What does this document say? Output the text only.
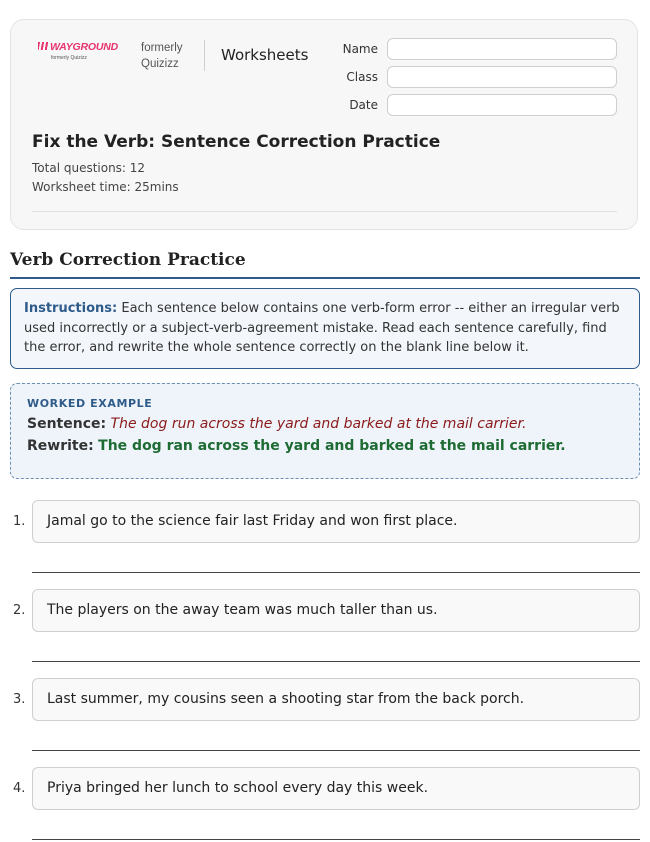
WAYGROUND
formerly Quizizz
formerly
Quizizz	Worksheets	Name
Class
Date
Fix the Verb: Sentence Correction Practice
Total questions: 12
Worksheet time: 25mins
Verb Correction Practice
Instructions: Each sentence below contains one verb-form error -- either an irregular verb used incorrectly or a subject-verb-agreement mistake. Read each sentence carefully, find the error, and rewrite the whole sentence correctly on the blank line below it.
WORKED EXAMPLE
Sentence: The dog run across the yard and barked at the mail carrier.
Rewrite: The dog ran across the yard and barked at the mail carrier.
1.	Jamal go to the science fair last Friday and won first place.
2.	The players on the away team was much taller than us.
3.	Last summer, my cousins seen a shooting star from the back porch.
4.	Priya bringed her lunch to school every day this week.
